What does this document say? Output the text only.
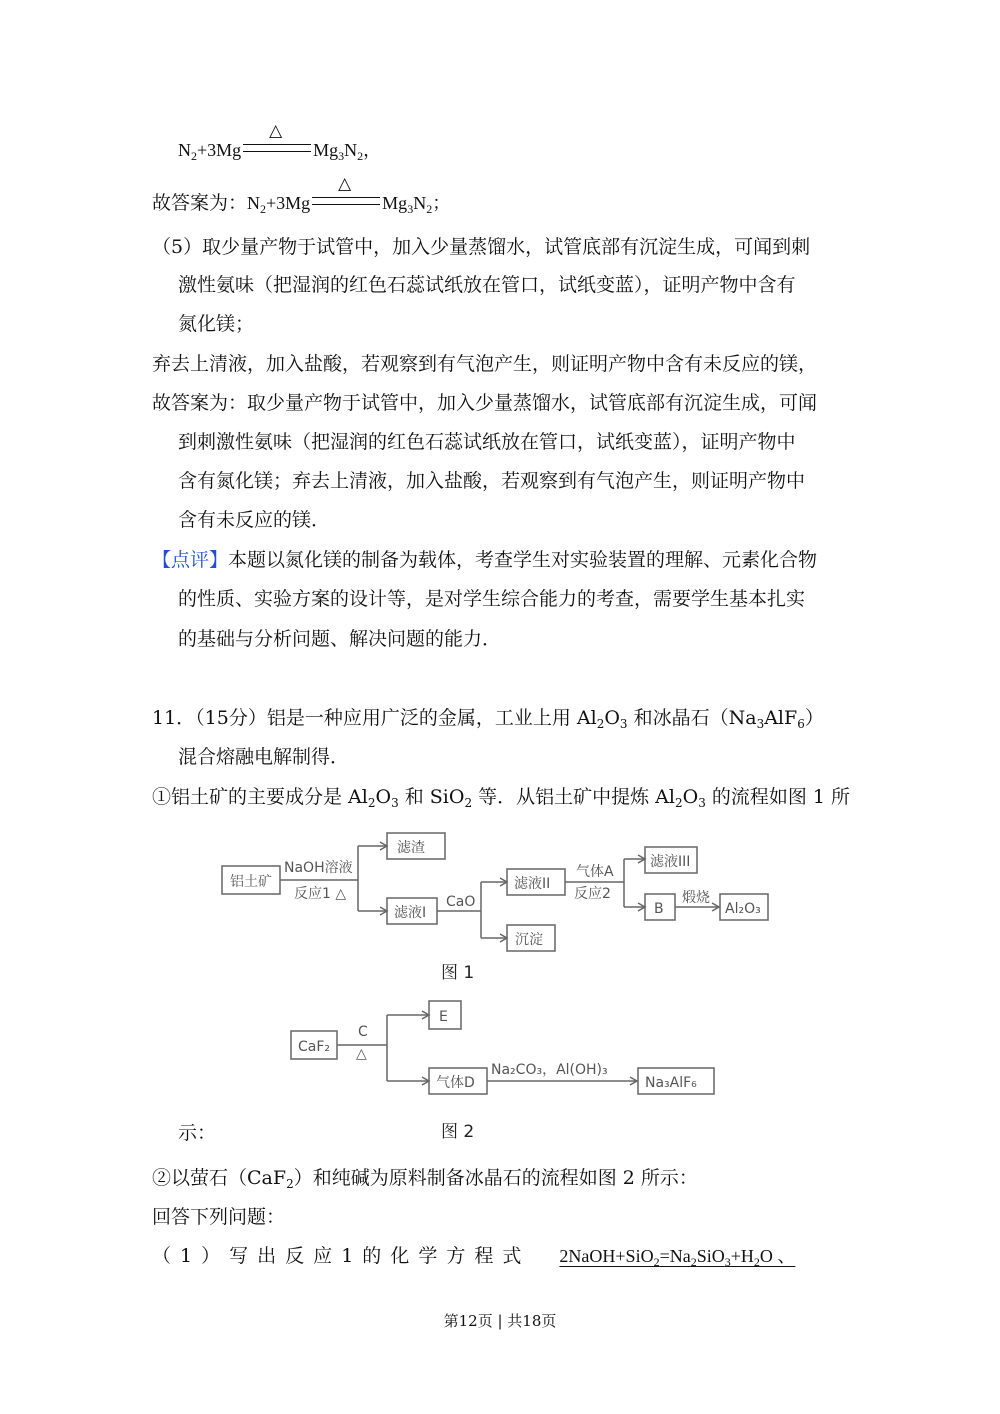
$N_2+3Mg$
△
$Mg_3N_2$，
故答案为：$N_2+3Mg$
△
$Mg_3N_2$；
（5）取少量产物于试管中，加入少量蒸馏水，试管底部有沉淀生成，可闻到刺
激性氨味（把湿润的红色石蕊试纸放在管口，试纸变蓝），证明产物中含有
氮化镁；
弃去上清液，加入盐酸，若观察到有气泡产生，则证明产物中含有未反应的镁，
故答案为：取少量产物于试管中，加入少量蒸馏水，试管底部有沉淀生成，可闻
到刺激性氨味（把湿润的红色石蕊试纸放在管口，试纸变蓝），证明产物中
含有氮化镁；弃去上清液，加入盐酸，若观察到有气泡产生，则证明产物中
含有未反应的镁．
【点评】本题以氮化镁的制备为载体，考查学生对实验装置的理解、元素化合物
的性质、实验方案的设计等，是对学生综合能力的考查，需要学生基本扎实
的基础与分析问题、解决问题的能力．
11．（15分）铝是一种应用广泛的金属，工业上用 $Al_2O_3$ 和冰晶石$(Na_3AlF_6)$
混合熔融电解制得．
①铝土矿的主要成分是 $Al_2O_3$ 和 SiO$_2$ 等．从铝土矿中提炼 $Al_2O_3$ 的流程如图 1 所
铝土矿
NaOH溶液
反应1 △
滤渣
滤液I
CaO
滤液II
沉淀
气体A
反应2
滤液III
B
煅烧
Al₂O₃
CaF₂
C
△
E
气体D
Na₂CO₃，Al(OH)₃
Na₃AlF₆
图 1
图 2
示：
②以萤石（CaF$_2$）和纯碱为原料制备冰晶石的流程如图 2 所示：
回答下列问题：
（1）写出反应1的化学方程式 $2NaOH+SiO_2=Na_2SiO_3+H_2O$ 、
第12页 | 共18页
